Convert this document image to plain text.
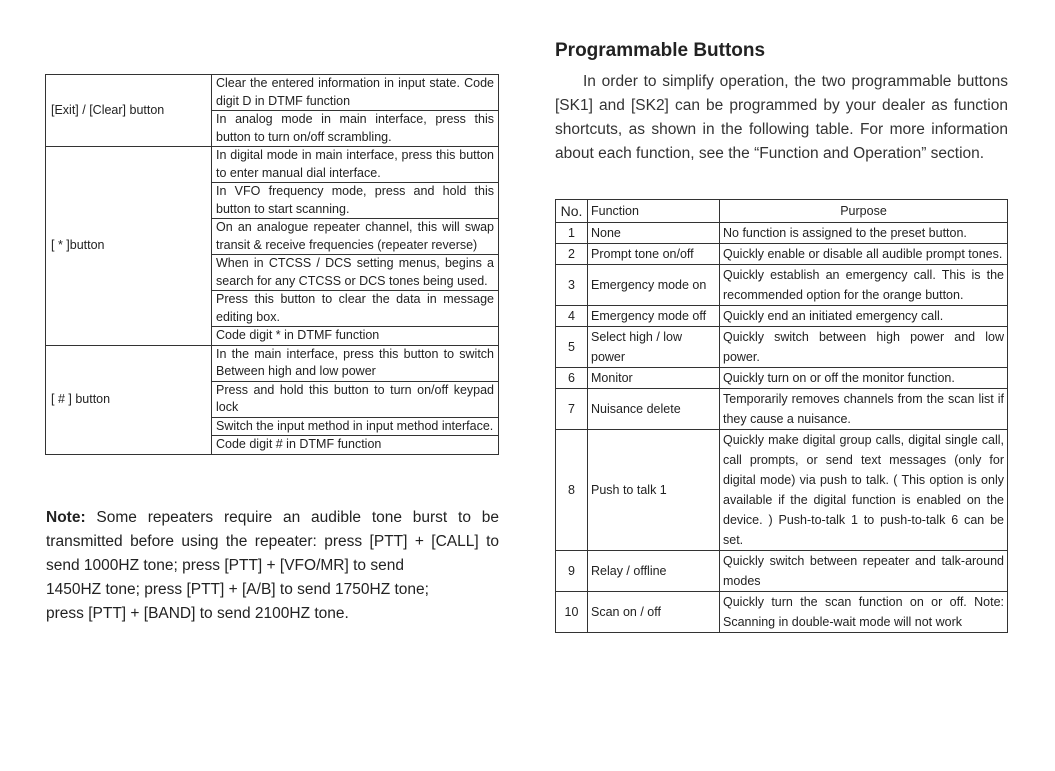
[Exit] / [Clear] button	Clear the entered information in input state. Code digit D in DTMF function
	In analog mode in main interface, press this button to turn on/off scrambling.
[ * ]button	In digital mode in main interface, press this button to enter manual dial interface.
	In VFO frequency mode, press and hold this button to start scanning.
	On an analogue repeater channel, this will swap transit & receive frequencies (repeater reverse)
	When in CTCSS / DCS setting menus, begins a search for any CTCSS or DCS tones being used.
	Press this button to clear the data in message editing box.
	Code digit * in DTMF function
[ # ] button	In the main interface, press this button to switch Between high and low power
	Press and hold this button to turn on/off keypad lock
	Switch the input method in input method interface.
	Code digit # in DTMF function
Note: Some repeaters require an audible tone burst to be
transmitted before using the repeater: press [PTT] + [CALL] to
send 1000HZ tone; press [PTT] + [VFO/MR] to send
1450HZ tone; press [PTT] + [A/B] to send 1750HZ tone;
press [PTT] + [BAND] to send 2100HZ tone.
Programmable Buttons
In order to simplify operation, the two programmable buttons [SK1] and [SK2] can be programmed by your dealer as function shortcuts, as shown in the following table. For more information about each function, see the “Function and Operation” section.
No.	Function	Purpose
1	None	No function is assigned to the preset button.
2	Prompt tone on/off	Quickly enable or disable all audible prompt tones.
3	Emergency mode on	Quickly establish an emergency call. This is the recommended option for the orange button.
4	Emergency mode off	Quickly end an initiated emergency call.
5	Select high / low power	Quickly switch between high power and low power.
6	Monitor	Quickly turn on or off the monitor function.
7	Nuisance delete	Temporarily removes channels from the scan list if they cause a nuisance.
8	Push to talk 1	Quickly make digital group calls, digital single call, call prompts, or send text messages (only for digital mode) via push to talk. ( This option is only available if the digital function is enabled on the device. ) Push-to-talk 1 to push-to-talk 6 can be set.
9	Relay / offline	Quickly switch between repeater and talk-around modes
10	Scan on / off	Quickly turn the scan function on or off. Note: Scanning in double-wait mode will not work
